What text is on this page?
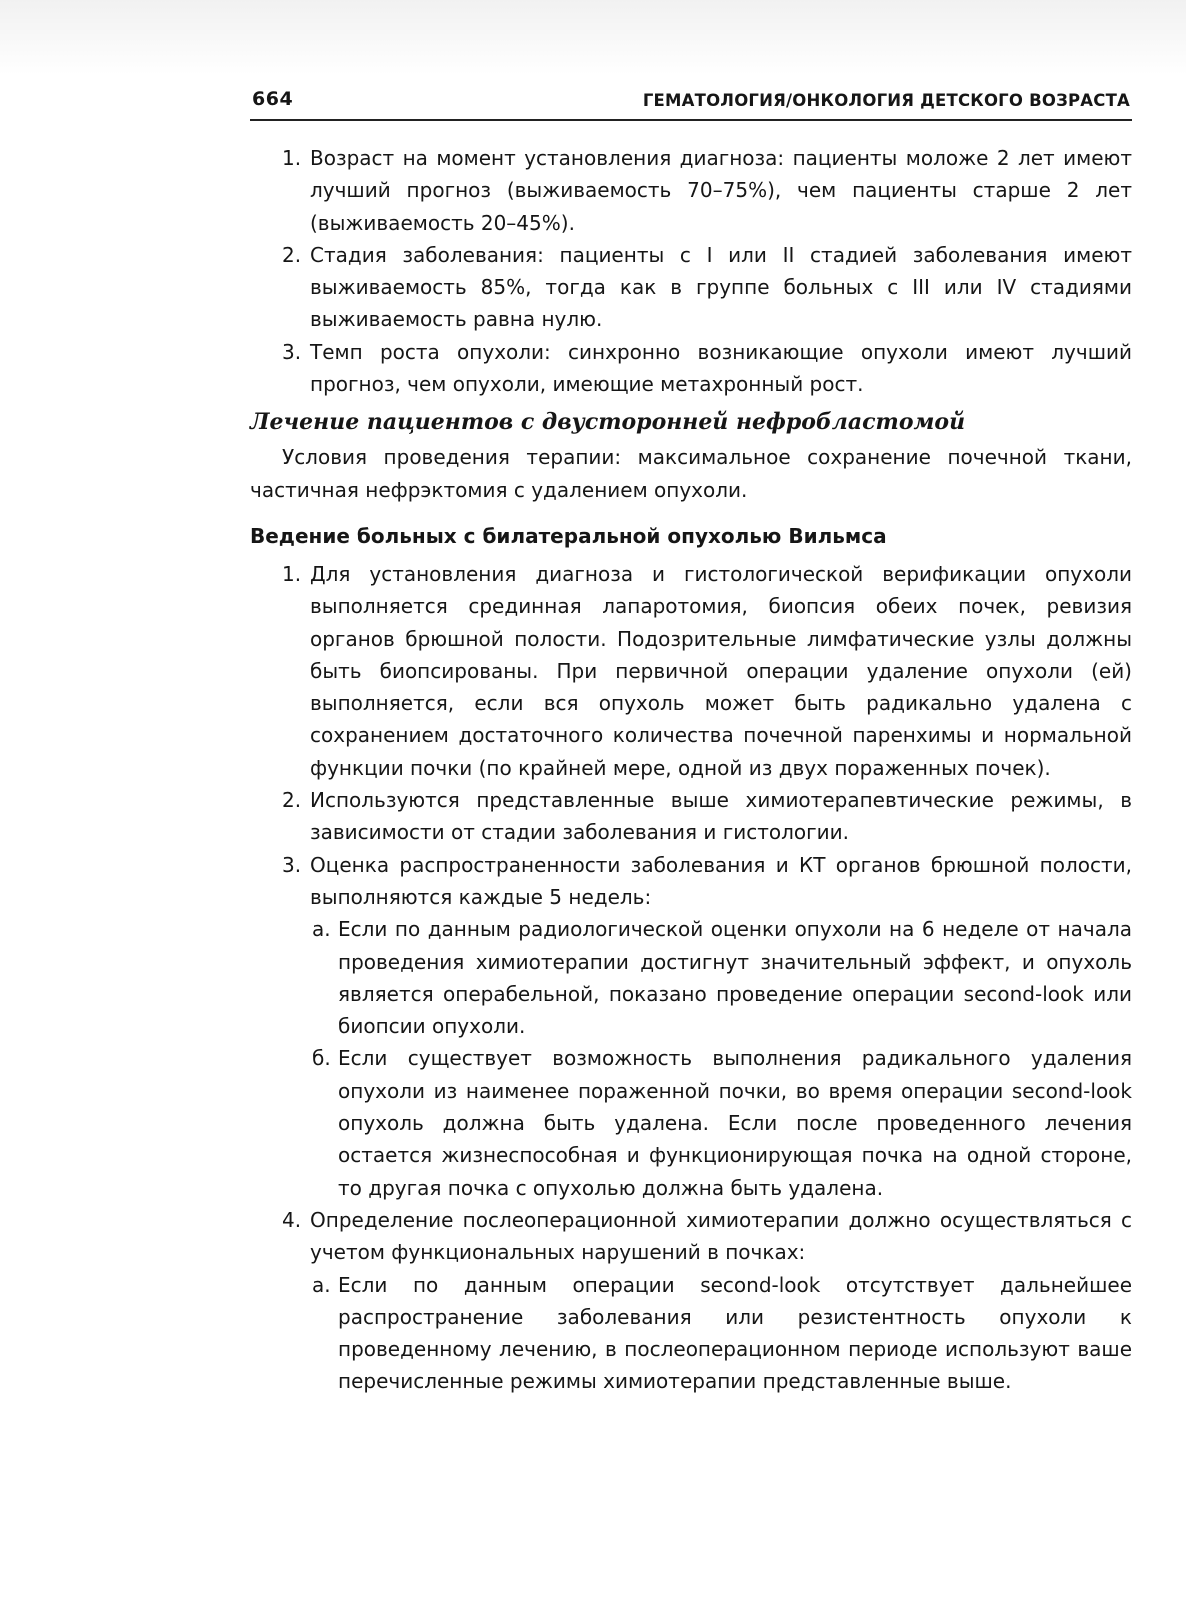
664	ГЕМАТОЛОГИЯ/ОНКОЛОГИЯ ДЕТСКОГО ВОЗРАСТА
1. Возраст на момент установления диагноза: пациенты моложе 2 лет имеют лучший прогноз (выживаемость 70–75%), чем пациенты старше 2 лет (выживаемость 20–45%).
2. Стадия заболевания: пациенты с I или II стадией заболевания имеют выживаемость 85%, тогда как в группе больных с III или IV стадиями выживаемость равна нулю.
3. Темп роста опухоли: синхронно возникающие опухоли имеют лучший прогноз, чем опухоли, имеющие метахронный рост.
Лечение пациентов с двусторонней нефробластомой

Условия проведения терапии: максимальное сохранение почечной ткани, частичная нефрэктомия с удалением опухоли.

Ведение больных с билатеральной опухолью Вильмса
1. Для установления диагноза и гистологической верификации опухоли выполняется срединная лапаротомия, биопсия обеих почек, ревизия органов брюшной полости. Подозрительные лимфатические узлы должны быть биопсированы. При первичной операции удаление опухоли (ей) выполняется, если вся опухоль может быть радикально удалена с сохранением достаточного количества почечной паренхимы и нормальной функции почки (по крайней мере, одной из двух пораженных почек).
2. Используются представленные выше химиотерапевтические режимы, в зависимости от стадии заболевания и гистологии.
3. Оценка распространенности заболевания и КТ органов брюшной полости, выполняются каждые 5 недель:
а. Если по данным радиологической оценки опухоли на 6 неделе от начала проведения химиотерапии достигнут значительный эффект, и опухоль является операбельной, показано проведение операции second-look или биопсии опухоли.
б. Если существует возможность выполнения радикального удаления опухоли из наименее пораженной почки, во время операции second-look опухоль должна быть удалена. Если после проведенного лечения остается жизнеспособная и функционирующая почка на одной стороне, то другая почка с опухолью должна быть удалена.
4. Определение послеоперационной химиотерапии должно осуществляться с учетом функциональных нарушений в почках:
а. Если по данным операции second-look отсутствует дальнейшее распространение заболевания или резистентность опухоли к проведенному лечению, в послеоперационном периоде используют ваше перечисленные режимы химиотерапии представленные выше.
